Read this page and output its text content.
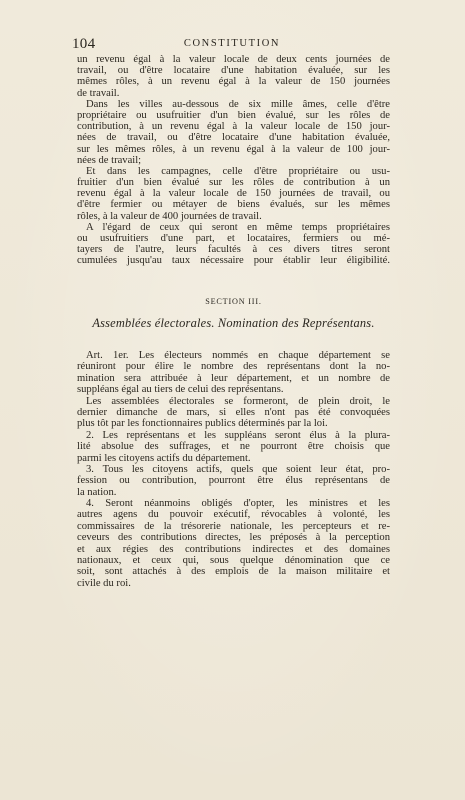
104	CONSTITUTION
un revenu égal à la valeur locale de deux cents journées de
travail, ou d'être locataire d'une habitation évaluée, sur les
mêmes rôles, à un revenu égal à la valeur de 150 journées
de travail.
Dans les villes au-dessous de six mille âmes, celle d'être
propriétaire ou usufruitier d'un bien évalué, sur les rôles de
contribution, à un revenu égal à la valeur locale de 150 jour-
nées de travail, ou d'être locataire d'une habitation évaluée,
sur les mêmes rôles, à un revenu égal à la valeur de 100 jour-
nées de travail;
Et dans les campagnes, celle d'être propriétaire ou usu-
fruitier d'un bien évalué sur les rôles de contribution à un
revenu égal à la valeur locale de 150 journées de travail, ou
d'être fermier ou métayer de biens évalués, sur les mêmes
rôles, à la valeur de 400 journées de travail.
A l'égard de ceux qui seront en même temps propriétaires
ou usufruitiers d'une part, et locataires, fermiers ou mé-
tayers de l'autre, leurs facultés à ces divers titres seront
cumulées jusqu'au taux nécessaire pour établir leur éligibilité.
SECTION III.
Assemblées électorales. Nomination des Représentans.
Art. 1er. Les électeurs nommés en chaque département se
réuniront pour élire le nombre des représentans dont la no-
mination sera attribuée à leur département, et un nombre de
suppléans égal au tiers de celui des représentans.
Les assemblées électorales se formeront, de plein droit, le
dernier dimanche de mars, si elles n'ont pas été convoquées
plus tôt par les fonctionnaires publics déterminés par la loi.
2. Les représentans et les suppléans seront élus à la plura-
lité absolue des suffrages, et ne pourront être choisis que
parmi les citoyens actifs du département.
3. Tous les citoyens actifs, quels que soient leur état, pro-
fession ou contribution, pourront être élus représentans de
la nation.
4. Seront néanmoins obligés d'opter, les ministres et les
autres agens du pouvoir exécutif, révocables à volonté, les
commissaires de la trésorerie nationale, les percepteurs et re-
ceveurs des contributions directes, les préposés à la perception
et aux régies des contributions indirectes et des domaines
nationaux, et ceux qui, sous quelque dénomination que ce
soit, sont attachés à des emplois de la maison militaire et
civile du roi.
